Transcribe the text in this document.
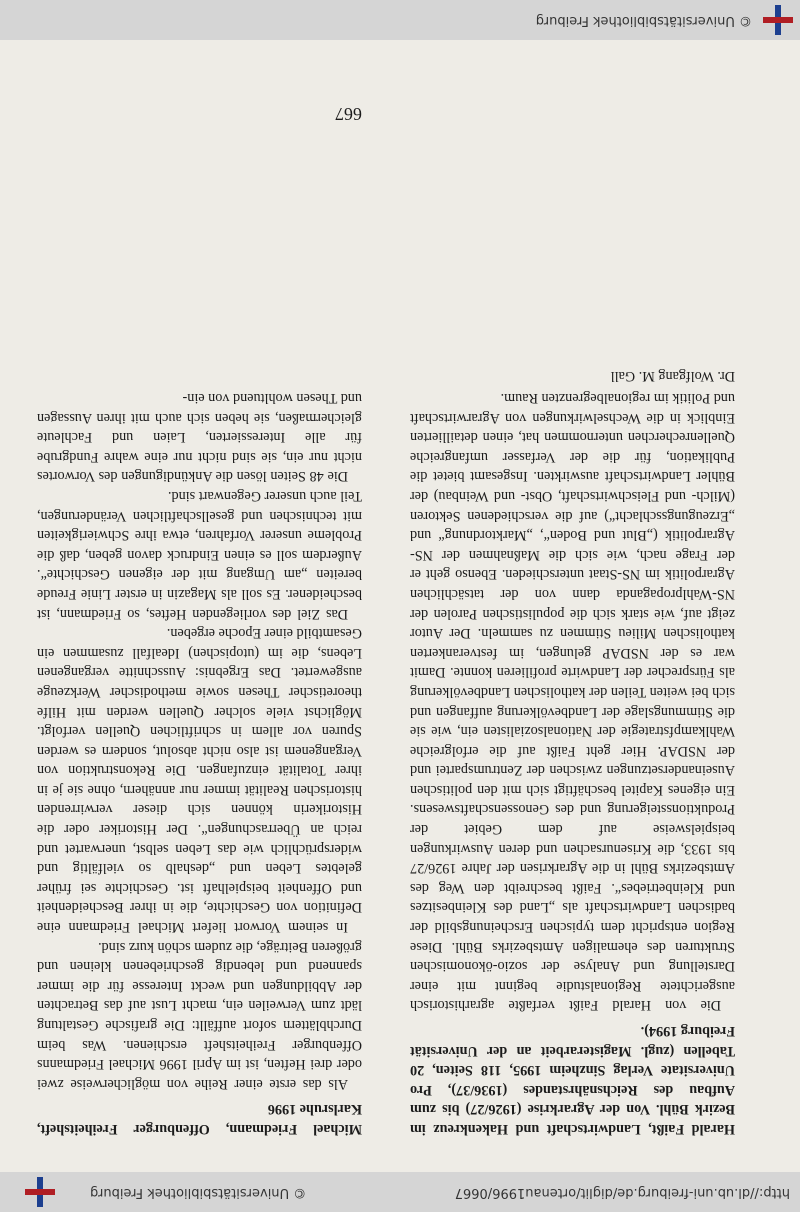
http://dl.ub.uni-freiburg.de/diglit/ortenau1996/0667
© Universitätsbibliothek Freiburg

Harald Faißt, Landwirtschaft und Hakenkreuz im Bezirk Bühl. Von der Agrarkrise (1926/27) bis zum Aufbau des Reichsnährstandes (1936/37), Pro Universitate Verlag Sinzheim 1995, 118 Seiten, 20 Tabellen (zugl. Magisterarbeit an der Universität Freiburg 1994).

Die von Harald Faißt verfaßte agrarhistorisch ausgerichtete Regionalstudie beginnt mit einer Darstellung und Analyse der sozio-ökonomischen Strukturen des ehemaligen Amtsbezirks Bühl. Diese Region entspricht dem typischen Erscheinungsbild der badischen Landwirtschaft als „Land des Kleinbesitzes und Kleinbetriebes“. Faißt beschreibt den Weg des Amtsbezirks Bühl in die Agrarkrisen der Jahre 1926/27 bis 1933, die Krisenursachen und deren Auswirkungen beispielsweise auf dem Gebiet der Produktionssteigerung und des Genossenschaftswesens. Ein eigenes Kapitel beschäftigt sich mit den politischen Auseinandersetzungen zwischen der Zentrumspartei und der NSDAP. Hier geht Faißt auf die erfolgreiche Wahlkampfstrategie der Nationalsozialisten ein, wie sie die Stimmungslage der Landbevölkerung auffangen und sich bei weiten Teilen der katholischen Landbevölkerung als Fürsprecher der Landwirte profilieren konnte. Damit war es der NSDAP gelungen, im festverankerten katholischen Milieu Stimmen zu sammeln. Der Autor zeigt auf, wie stark sich die populistischen Parolen der NS-Wahlpropaganda dann von der tatsächlichen Agrarpolitik im NS-Staat unterschieden. Ebenso geht er der Frage nach, wie sich die Maßnahmen der NS-Agrarpolitik („Blut und Boden“, „Marktordnung“ und „Erzeugungsschlacht“) auf die verschiedenen Sektoren (Milch- und Fleischwirtschaft, Obst- und Weinbau) der Bühler Landwirtschaft auswirkten. Insgesamt bietet die Publikation, für die der Verfasser umfangreiche Quellenrecherchen unternommen hat, einen detaillierten Einblick in die Wechselwirkungen von Agrarwirtschaft und Politik im regionalbegrenzten Raum.

Dr. Wolfgang M. Gall

Michael Friedmann, Offenburger Freiheitsheft, Karlsruhe 1996

Als das erste einer Reihe von möglicherweise zwei oder drei Heften, ist im April 1996 Michael Friedmanns Offenburger Freiheitsheft erschienen. Was beim Durchblättern sofort auffällt: Die grafische Gestaltung lädt zum Verweilen ein, macht Lust auf das Betrachten der Abbildungen und weckt Interesse für die immer spannend und lebendig geschriebenen kleinen und größeren Beiträge, die zudem schön kurz sind.

In seinem Vorwort liefert Michael Friedmann eine Definition von Geschichte, die in ihrer Bescheidenheit und Offenheit beispielhaft ist. Geschichte sei früher gelebtes Leben und „deshalb so vielfältig und widersprüchlich wie das Leben selbst, unerwartet und reich an Überraschungen“. Der Historiker oder die Historikerin können sich dieser verwirrenden historischen Realität immer nur annähern, ohne sie je in ihrer Totalität einzufangen. Die Rekonstruktion von Vergangenem ist also nicht absolut, sondern es werden Spuren vor allem in schriftlichen Quellen verfolgt. Möglichst viele solcher Quellen werden mit Hilfe theoretischer Thesen sowie methodischer Werkzeuge ausgewertet. Das Ergebnis: Ausschnitte vergangenen Lebens, die im (utopischen) Idealfall zusammen ein Gesamtbild einer Epoche ergeben.

Das Ziel des vorliegenden Heftes, so Friedmann, ist bescheidener. Es soll als Magazin in erster Linie Freude bereiten „am Umgang mit der eigenen Geschichte“. Außerdem soll es einen Eindruck davon geben, daß die Probleme unserer Vorfahren, etwa ihre Schwierigkeiten mit technischen und gesellschaftlichen Veränderungen, Teil auch unserer Gegenwart sind.

Die 48 Seiten lösen die Ankündigungen des Vorwortes nicht nur ein, sie sind nicht nur eine wahre Fundgrube für alle Interessierten, Laien und Fachleute gleichermaßen, sie heben sich auch mit ihren Aussagen und Thesen wohltuend von ein-

667
© Universitätsbibliothek Freiburg
